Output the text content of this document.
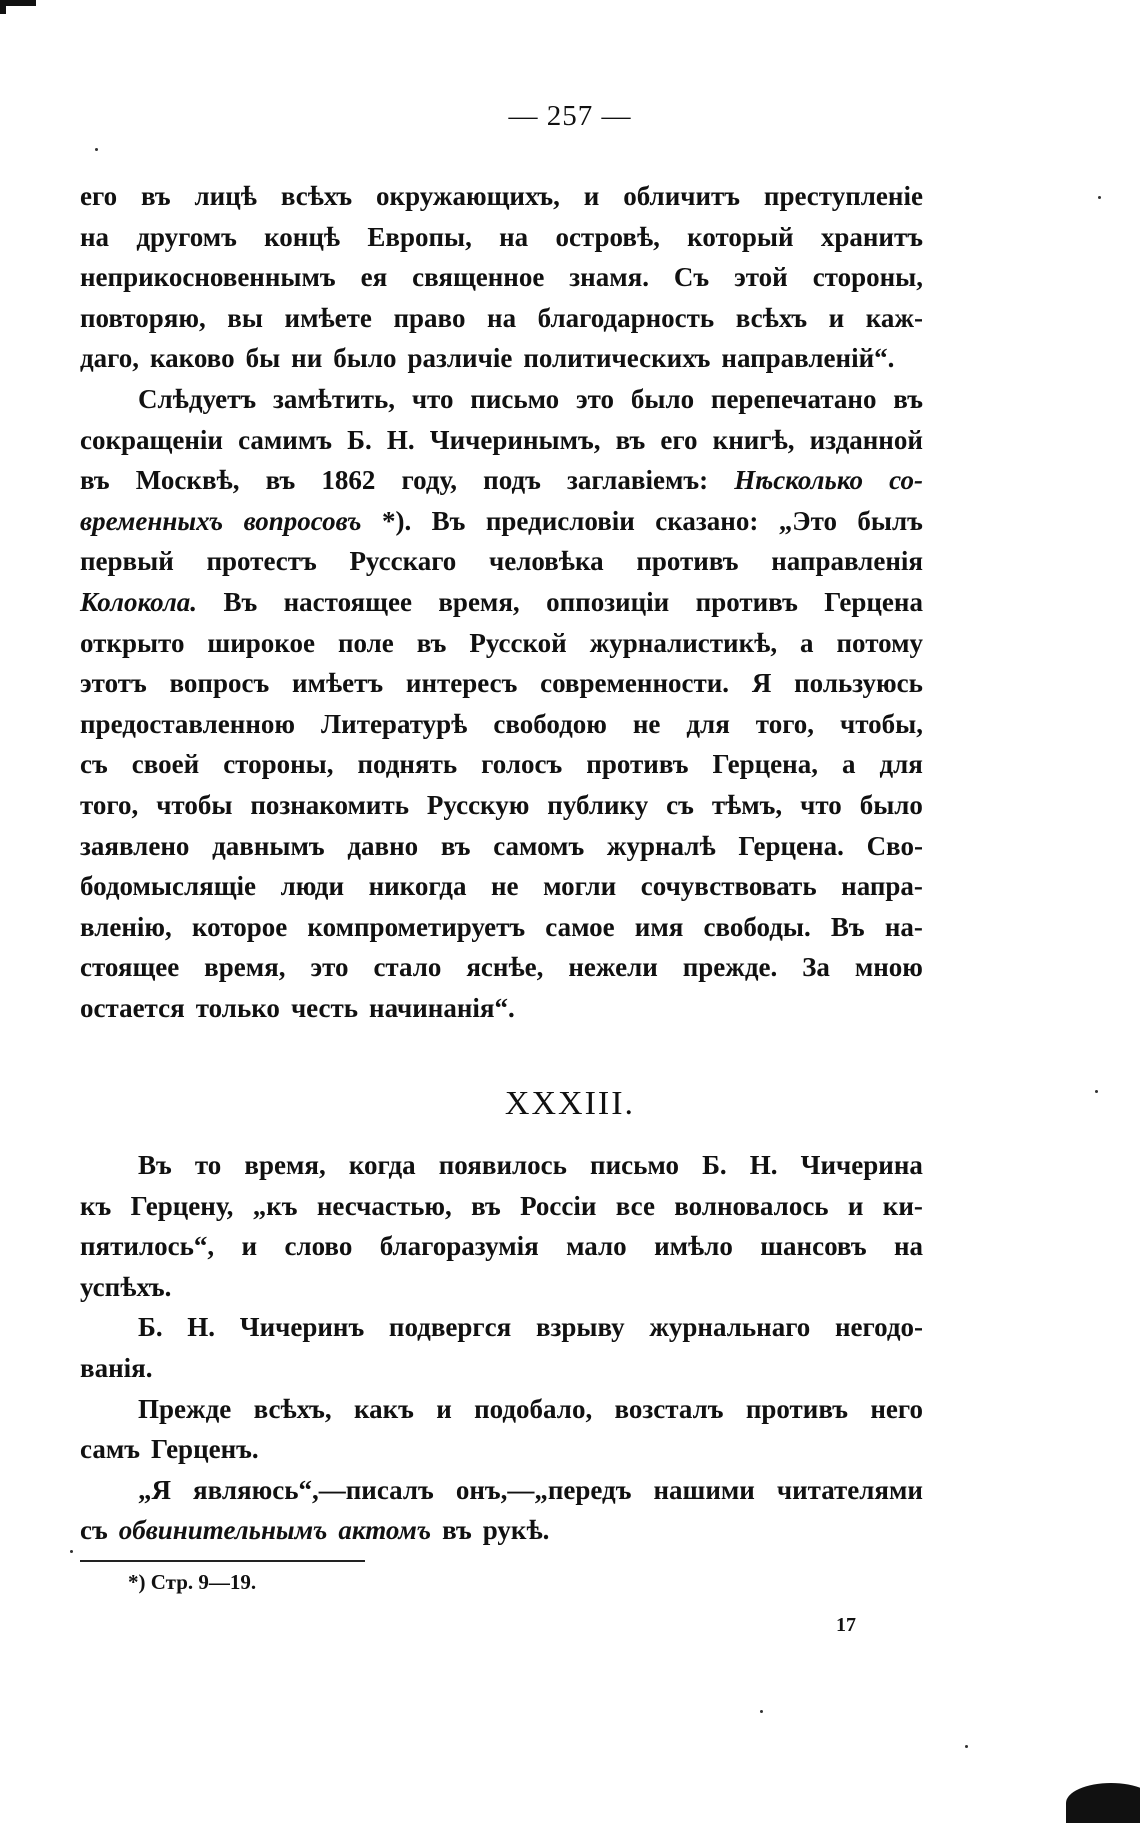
— 257 —
его въ лицѣ всѣхъ окружающихъ, и обличитъ преступленіе
на другомъ концѣ Европы, на островѣ, который хранитъ
неприкосновеннымъ ея священное знамя. Съ этой стороны,
повторяю, вы имѣете право на благодарность всѣхъ и каж-
даго, каково бы ни было различіе политическихъ направленій“.
Слѣдуетъ замѣтить, что письмо это было перепечатано въ
сокращеніи самимъ Б. Н. Чичеринымъ, въ его книгѣ, изданной
въ Москвѣ, въ 1862 году, подъ заглавіемъ: Нѣсколько со-
временныхъ вопросовъ *). Въ предисловіи сказано: „Это былъ
первый протестъ Русскаго человѣка противъ направленія
Колокола. Въ настоящее время, оппозиціи противъ Герцена
открыто широкое поле въ Русской журналистикѣ, а потому
этотъ вопросъ имѣетъ интересъ современности. Я пользуюсь
предоставленною Литературѣ свободою не для того, чтобы,
съ своей стороны, поднять голосъ противъ Герцена, а для
того, чтобы познакомить Русскую публику съ тѣмъ, что было
заявлено давнымъ давно въ самомъ журналѣ Герцена. Сво-
бодомыслящіе люди никогда не могли сочувствовать напра-
вленію, которое компрометируетъ самое имя свободы. Въ на-
стоящее время, это стало яснѣе, нежели прежде. За мною
остается только честь начинанія“.
XXXIII.
Въ то время, когда появилось письмо Б. Н. Чичерина
къ Герцену, „къ несчастью, въ Россіи все волновалось и ки-
пятилось“, и слово благоразумія мало имѣло шансовъ на
успѣхъ.
Б. Н. Чичеринъ подвергся взрыву журнальнаго негодо-
ванія.
Прежде всѣхъ, какъ и подобало, возсталъ противъ него
самъ Герценъ.
„Я являюсь“,—писалъ онъ,—„передъ нашими читателями
съ обвинительнымъ актомъ въ рукѣ.
*) Стр. 9—19.
17
